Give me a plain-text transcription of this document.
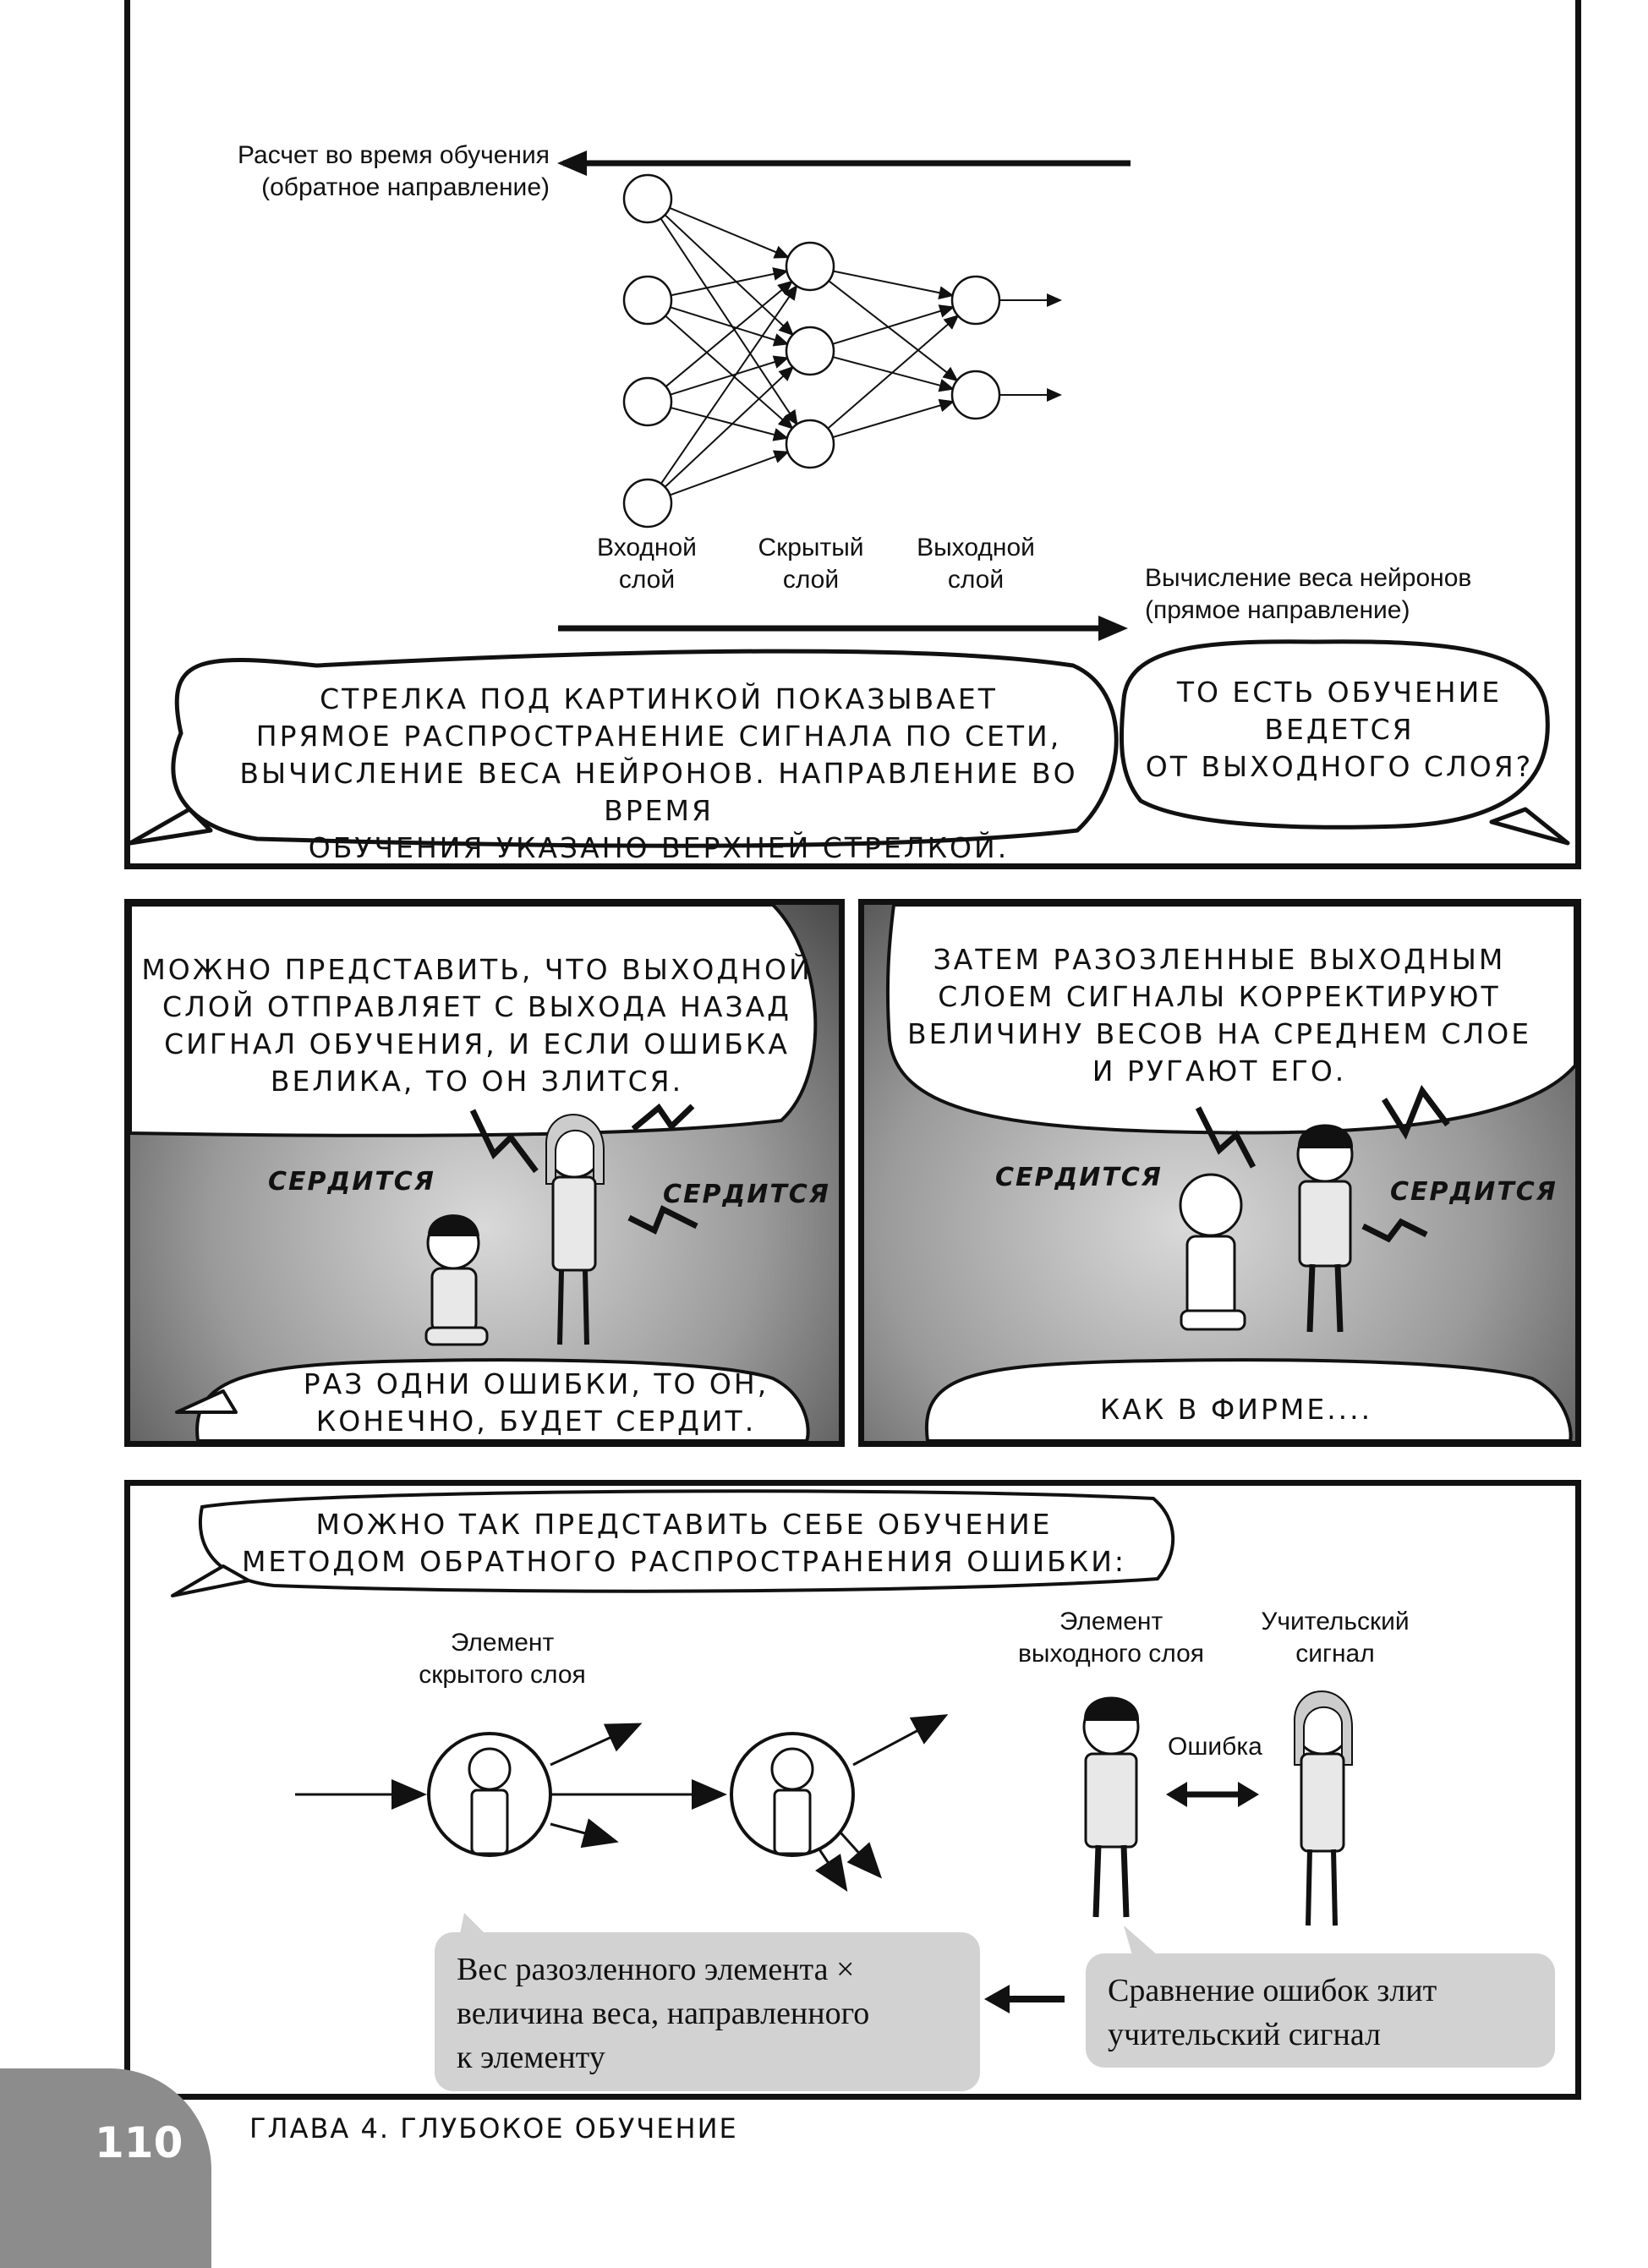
Расчет во время обучения
(обратное направление)
Вычисление веса нейронов
(прямое направление)
Входной
слой
Скрытый
слой
Выходной
слой
СТРЕЛКА ПОД КАРТИНКОЙ ПОКАЗЫВАЕТ
ПРЯМОЕ РАСПРОСТРАНЕНИЕ СИГНАЛА ПО СЕТИ,
ВЫЧИСЛЕНИЕ ВЕСА НЕЙРОНОВ. НАПРАВЛЕНИЕ ВО ВРЕМЯ
ОБУЧЕНИЯ УКАЗАНО ВЕРХНЕЙ СТРЕЛКОЙ.
ТО ЕСТЬ ОБУЧЕНИЕ
ВЕДЕТСЯ
ОТ ВЫХОДНОГО СЛОЯ?
МОЖНО ПРЕДСТАВИТЬ, ЧТО ВЫХОДНОЙ
СЛОЙ ОТПРАВЛЯЕТ С ВЫХОДА НАЗАД
СИГНАЛ ОБУЧЕНИЯ, И ЕСЛИ ОШИБКА
ВЕЛИКА, ТО ОН ЗЛИТСЯ.
СЕРДИТСЯ	СЕРДИТСЯ
РАЗ ОДНИ ОШИБКИ, ТО ОН,
КОНЕЧНО, БУДЕТ СЕРДИТ.
ЗАТЕМ РАЗОЗЛЕННЫЕ ВЫХОДНЫМ
СЛОЕМ СИГНАЛЫ КОРРЕКТИРУЮТ
ВЕЛИЧИНУ ВЕСОВ НА СРЕДНЕМ СЛОЕ
И РУГАЮТ ЕГО.
СЕРДИТСЯ	СЕРДИТСЯ
КАК В ФИРМЕ....
МОЖНО ТАК ПРЕДСТАВИТЬ СЕБЕ ОБУЧЕНИЕ
МЕТОДОМ ОБРАТНОГО РАСПРОСТРАНЕНИЯ ОШИБКИ:
Элемент
скрытого слоя
Элемент
выходного слоя
Учительский
сигнал
Ошибка
Вес разозленного элемента ×
величина веса, направленного
к элементу
Сравнение ошибок злит
учительский сигнал
110 ГЛАВА 4. ГЛУБОКОЕ ОБУЧЕНИЕ
